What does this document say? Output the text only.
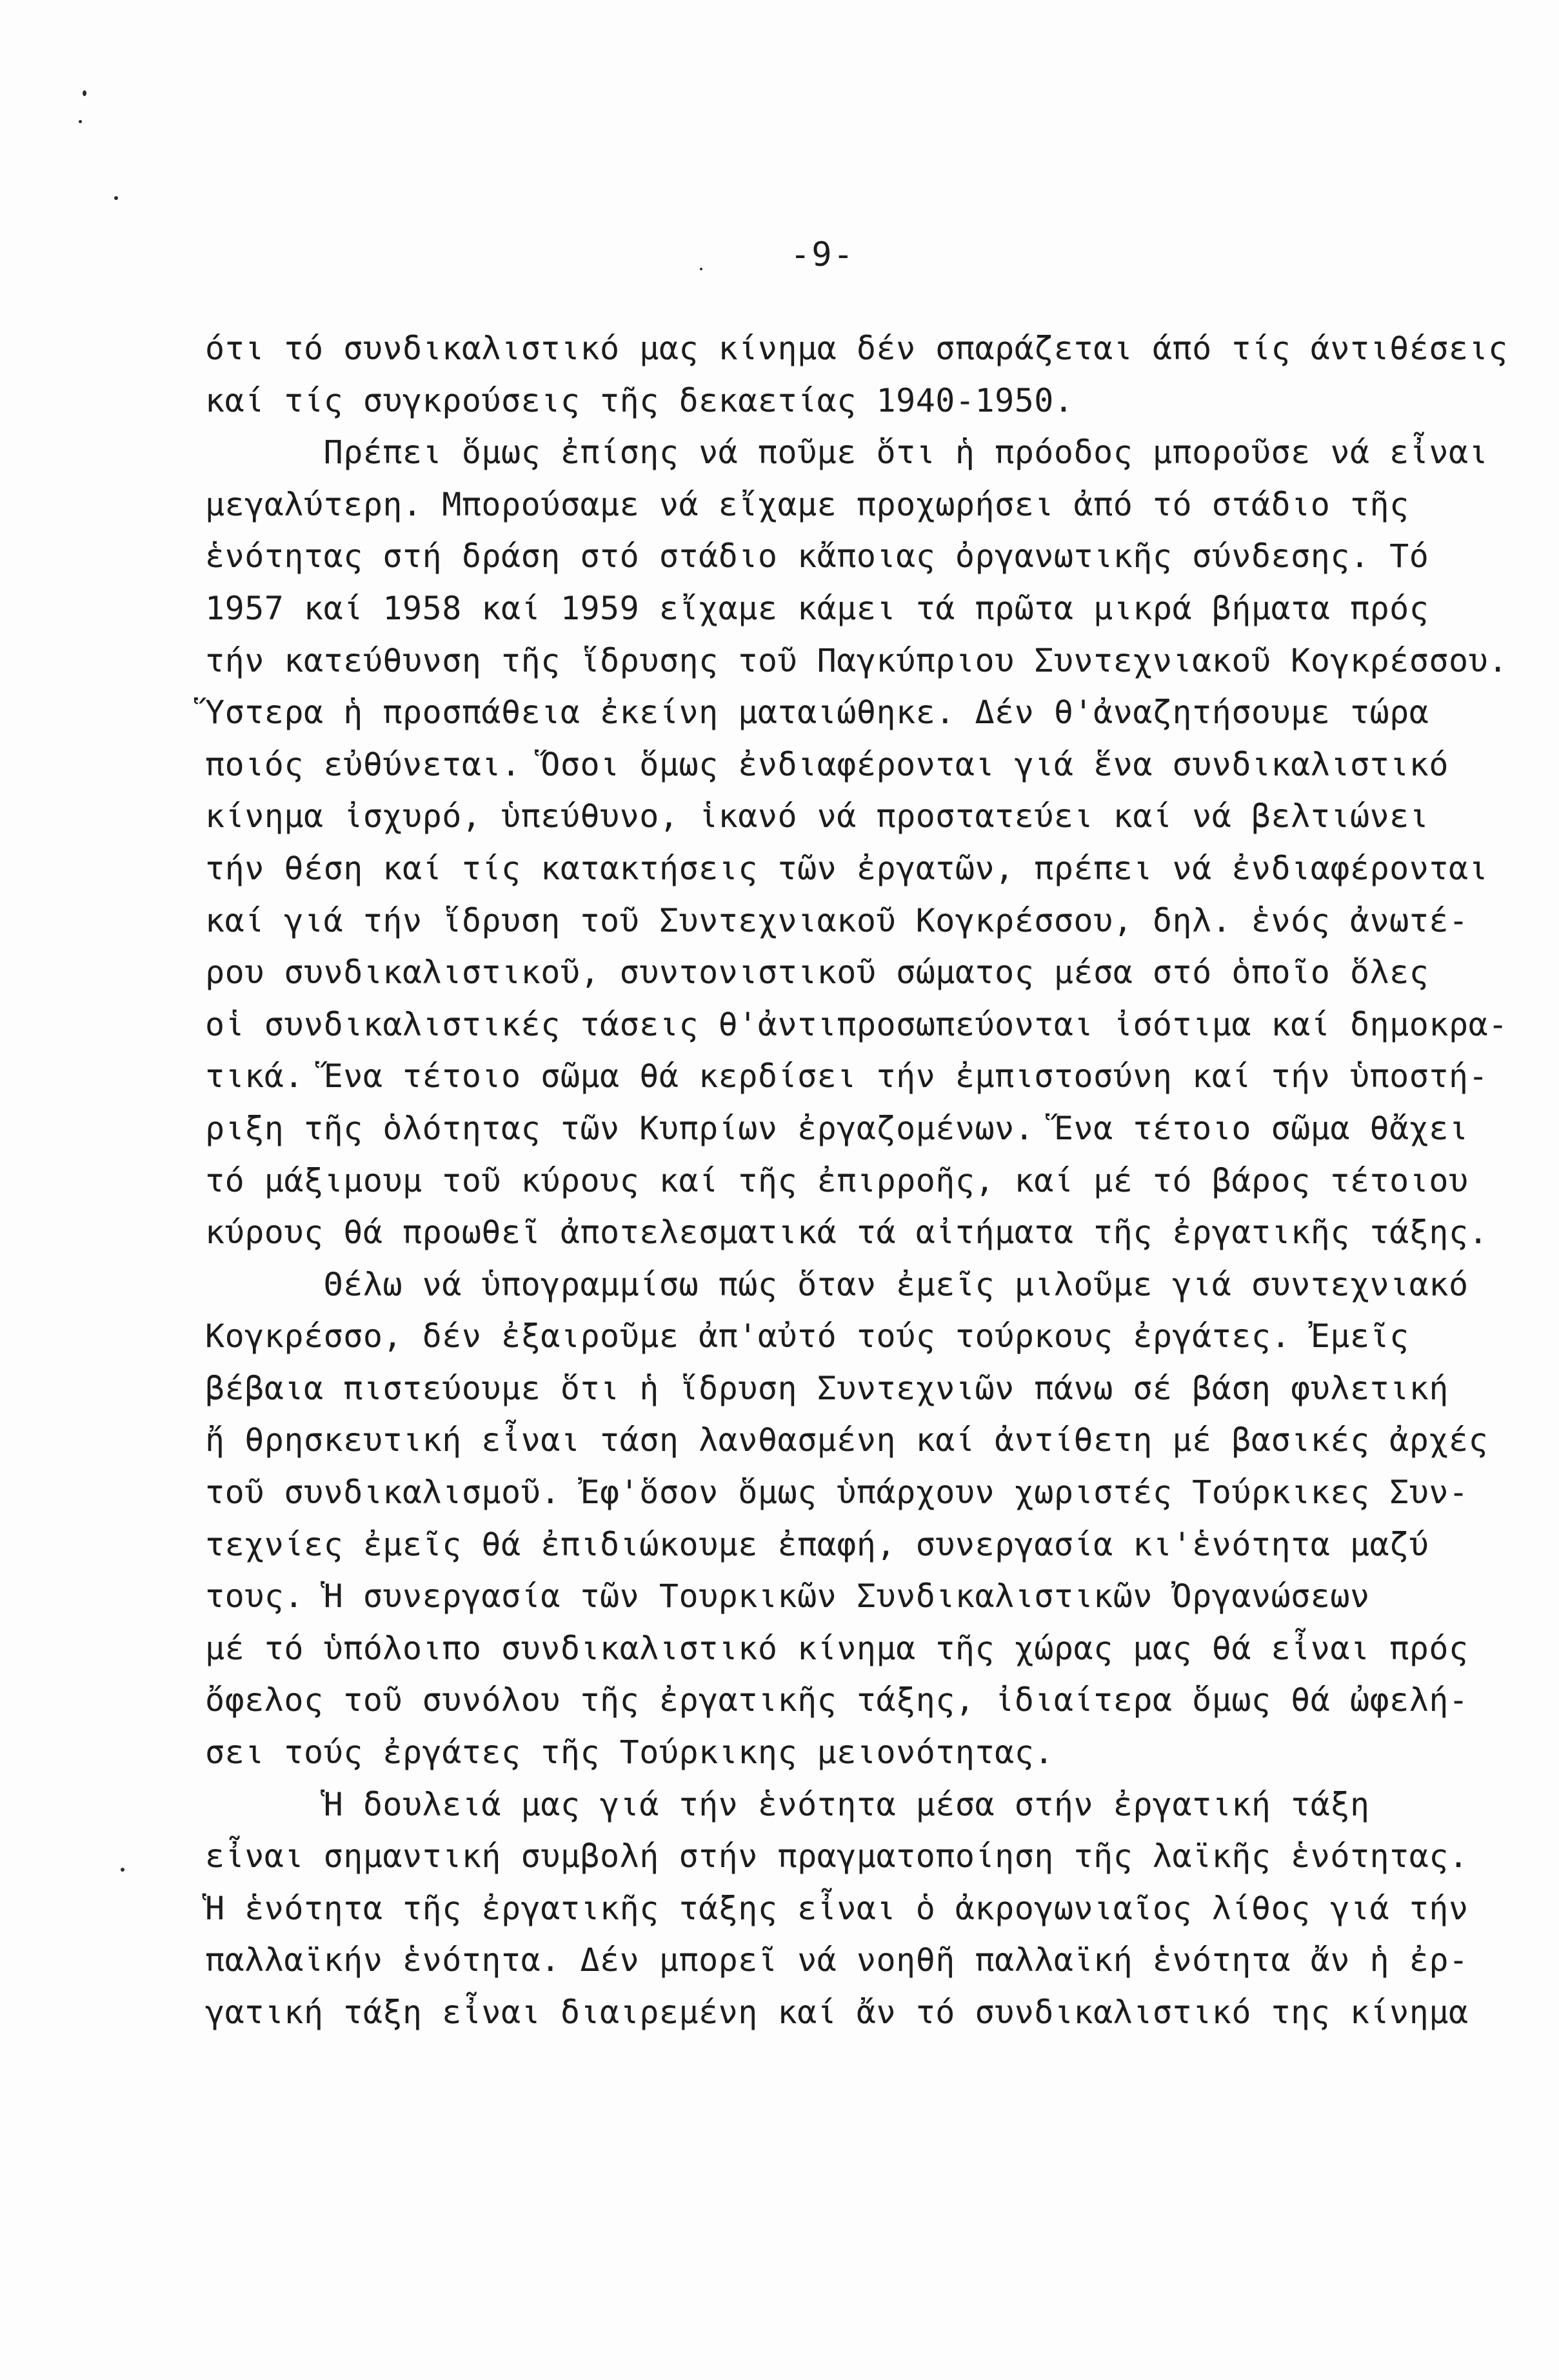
-9-
ότι τό συνδικαλιστικό μας κίνημα δέν σπαράζεται άπό τίς άντιθέσεις
καί τίς συγκρούσεις τῆς δεκαετίας 1940-1950.
Πρέπει ὅμως ἐπίσης νά ποῦμε ὅτι ἡ πρόοδος μποροῦσε νά εἶναι
μεγαλύτερη. Μπορούσαμε νά εἴχαμε προχωρήσει ἀπό τό στάδιο τῆς
ἑνότητας στή δράση στό στάδιο κἄποιας ὀργανωτικῆς σύνδεσης. Τό
1957 καί 1958 καί 1959 εἴχαμε κάμει τά πρῶτα μικρά βήματα πρός
τήν κατεύθυνση τῆς ἵδρυσης τοῦ Παγκύπριου Συντεχνιακοῦ Κογκρέσσου.
Ὕστερα ἡ προσπάθεια ἐκείνη ματαιώθηκε. Δέν θ'ἀναζητήσουμε τώρα
ποιός εὐθύνεται. Ὅσοι ὅμως ἐνδιαφέρονται γιά ἕνα συνδικαλιστικό
κίνημα ἰσχυρό, ὑπεύθυνο, ἱκανό νά προστατεύει καί νά βελτιώνει
τήν θέση καί τίς κατακτήσεις τῶν ἐργατῶν, πρέπει νά ἐνδιαφέρονται
καί γιά τήν ἵδρυση τοῦ Συντεχνιακοῦ Κογκρέσσου, δηλ. ἑνός ἀνωτέ-
ρου συνδικαλιστικοῦ, συντονιστικοῦ σώματος μέσα στό ὁποῖο ὅλες
οἱ συνδικαλιστικές τάσεις θ'ἀντιπροσωπεύονται ἰσότιμα καί δημοκρα-
τικά. Ἕνα τέτοιο σῶμα θά κερδίσει τήν ἐμπιστοσύνη καί τήν ὑποστή-
ριξη τῆς ὁλότητας τῶν Κυπρίων ἐργαζομένων. Ἕνα τέτοιο σῶμα θἄχει
τό μάξιμουμ τοῦ κύρους καί τῆς ἐπιρροῆς, καί μέ τό βάρος τέτοιου
κύρους θά προωθεῖ ἀποτελεσματικά τά αἰτήματα τῆς ἐργατικῆς τάξης.
Θέλω νά ὑπογραμμίσω πώς ὅταν ἐμεῖς μιλοῦμε γιά συντεχνιακό
Κογκρέσσο, δέν ἐξαιροῦμε ἀπ'αὐτό τούς τούρκους ἐργάτες. Ἐμεῖς
βέβαια πιστεύουμε ὅτι ἡ ἵδρυση Συντεχνιῶν πάνω σέ βάση φυλετική
ἤ θρησκευτική εἶναι τάση λανθασμένη καί ἀντίθετη μέ βασικές ἀρχές
τοῦ συνδικαλισμοῦ. Ἐφ'ὅσον ὅμως ὑπάρχουν χωριστές Τούρκικες Συν-
τεχνίες ἐμεῖς θά ἐπιδιώκουμε ἐπαφή, συνεργασία κι'ἑνότητα μαζύ
τους. Ἡ συνεργασία τῶν Τουρκικῶν Συνδικαλιστικῶν Ὀργανώσεων
μέ τό ὑπόλοιπο συνδικαλιστικό κίνημα τῆς χώρας μας θά εἶναι πρός
ὄφελος τοῦ συνόλου τῆς ἐργατικῆς τάξης, ἰδιαίτερα ὅμως θά ὠφελή-
σει τούς ἐργάτες τῆς Τούρκικης μειονότητας.
Ἡ δουλειά μας γιά τήν ἑνότητα μέσα στήν ἐργατική τάξη
εἶναι σημαντική συμβολή στήν πραγματοποίηση τῆς λαϊκῆς ἑνότητας.
Ἡ ἑνότητα τῆς ἐργατικῆς τάξης εἶναι ὁ ἀκρογωνιαῖος λίθος γιά τήν
παλλαϊκήν ἑνότητα. Δέν μπορεῖ νά νοηθῆ παλλαϊκή ἑνότητα ἄν ἡ ἐρ-
γατική τάξη εἶναι διαιρεμένη καί ἄν τό συνδικαλιστικό της κίνημα
